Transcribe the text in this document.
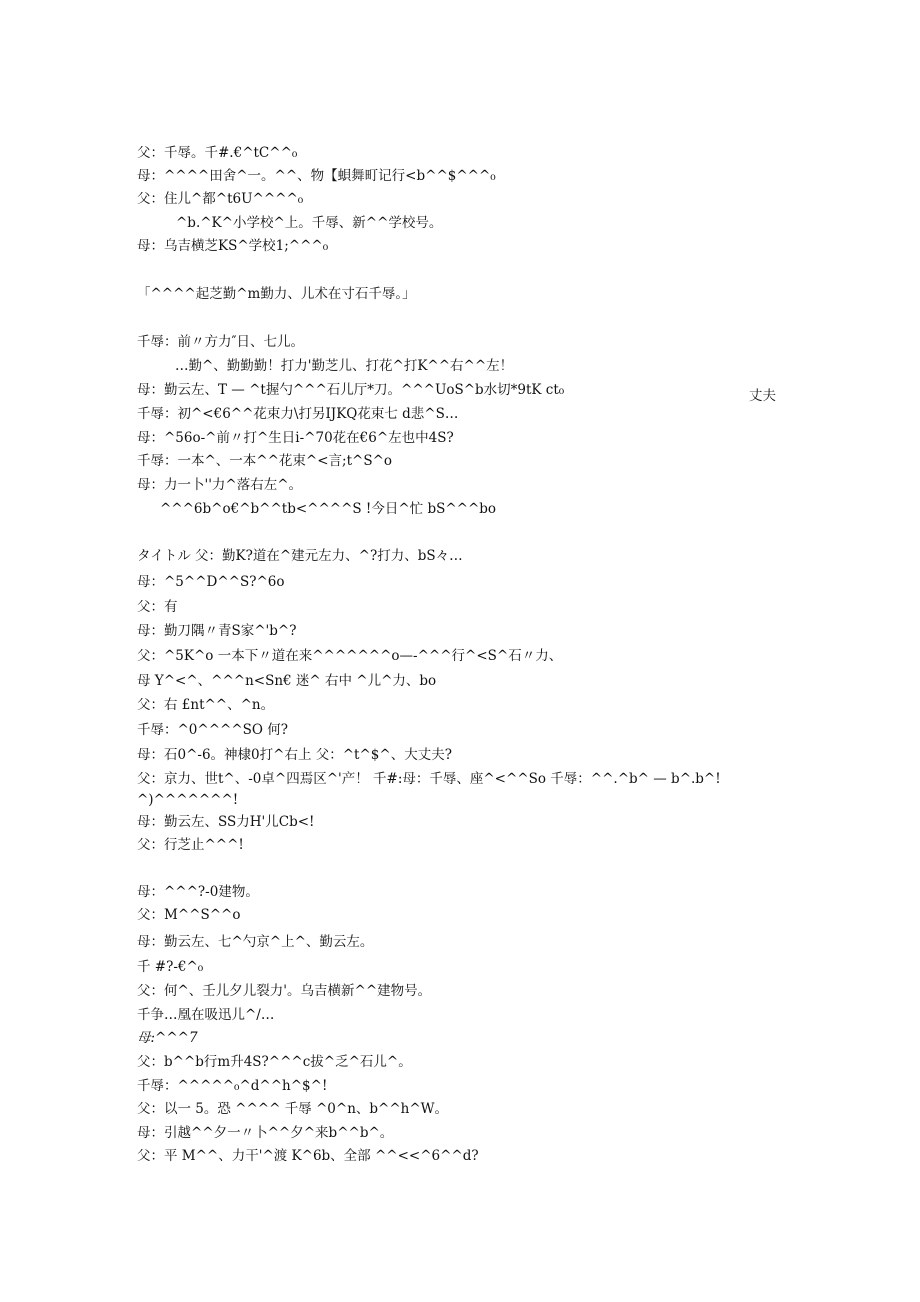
父：千辱。千#.€^tC^^₀
母：^^^^田舍^一。^^、物【蛽舞町记行<b^^$^^^₀
父：住儿^都^t6U^^^^₀
^b.^K^小学校^上。千辱、新^^学校号。
母：乌吉横芝KS^学校1;^^^₀
「^^^^起芝勤^m勤力、儿术在寸石千辱。」
千辱：前〃方力″日、七儿。
…勤^、勤勤勤！打力'勤芝儿、打花^打K^^右^^左！
母：勤云左、T — ^t握勺^^^石儿厅*刀。^^^UoS^b水切*9tK ct₀
千辱：初^<€6^^花束力\打另IJKQ花束七 d悲^S…
母：^56o-^前〃打^生日i-^70花在€6^左也中4S?
千辱：一本^、一本^^花束^<言;t^S^o
母：力一卜''力^落右左^。
^^^6b^o€^b^^tb<^^^^S !今日^忙 bS^^^bo
タイトル 父：勤K?道在^建元左力、^?打力、bS々…
母：^5^^D^^S?^6o
父：有
母：勤刀隅〃青S家^'b^?
父：^5K^o 一本下〃道在来^^^^^^^o—-^^^行^<S^石〃力、
母 Y^<^、^^^n<Sn€ 迷^ 右中 ^儿^力、bo
父：右 £nt^^、^n。
千辱：^0^^^^SO 何?
母：石0^-6。神棣0打^右上 父：^t^$^、大丈夫?
父：京力、世t^、-0卓^四焉区^'产！ 千#:母：千辱、座^<^^So 千辱：^^.^b^ — b^.b^!
^)^^^^^^^!
母：勤云左、SS力H'儿Cb<!
父：行芝止^^^!
母：^^^?-0建物。
父：M^^S^^o
母：勤云左、七^勺京^上^、勤云左。
千 #?-€^₀
父：何^、壬儿夕儿裂力'。乌吉横新^^建物号。
千争…凰在吸迅儿^/…
母:^^^7
父：b^^b行m升4S?^^^c拔^乏^石儿^。
千辱：^^^^^₀^d^^h^$^!
父：以一 5。恐 ^^^^ 千辱 ^0^n、b^^h^W。
母：引越^^夕一〃卜^^夕^来b^^b^。
父：平 M^^、力干'^渡 K^6b、全部 ^^<<^6^^d?
丈夫
